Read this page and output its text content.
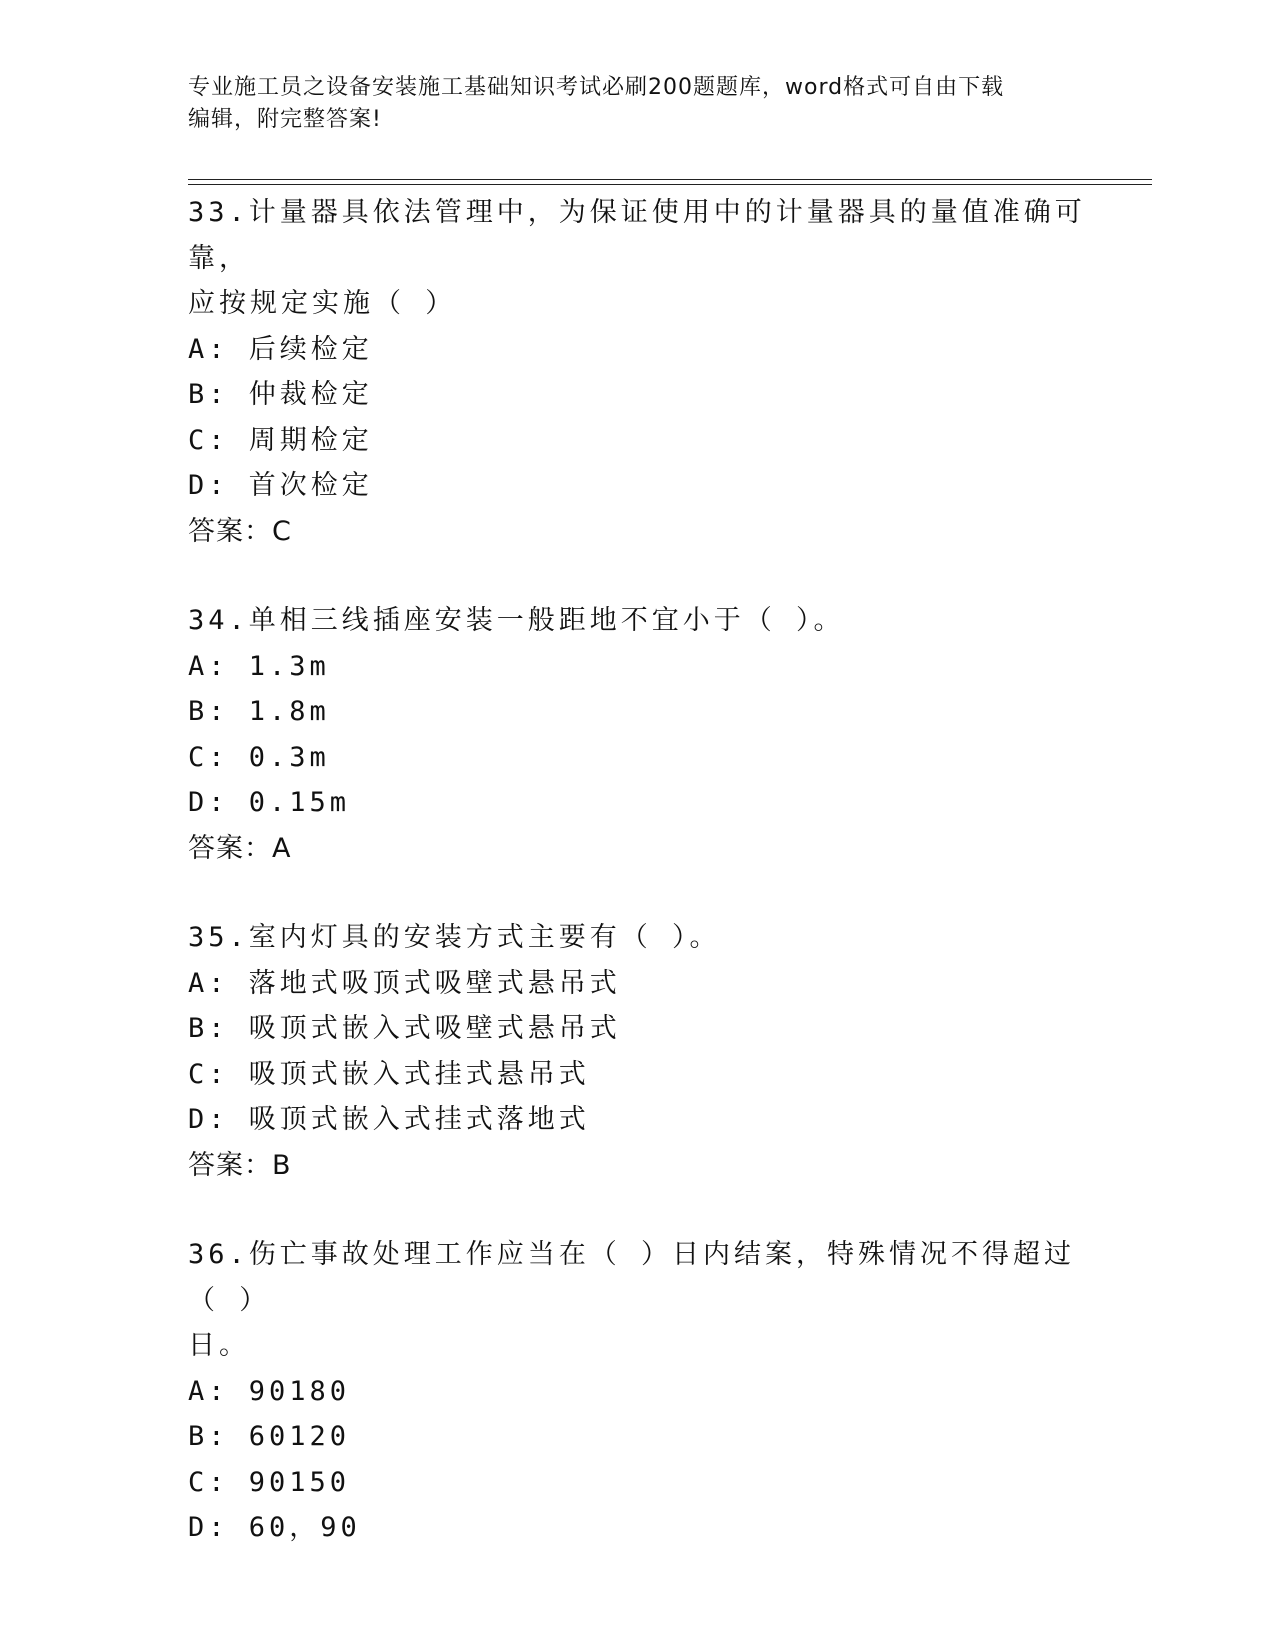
专业施工员之设备安装施工基础知识考试必刷200题题库，word格式可自由下载
编辑，附完整答案!

33.计量器具依法管理中，为保证使用中的计量器具的量值准确可靠，

应按规定实施（ ）

A: 后续检定

B: 仲裁检定

C: 周期检定

D: 首次检定

答案：C

34.单相三线插座安装一般距地不宜小于（ ）。

A: 1.3m

B: 1.8m

C: 0.3m

D: 0.15m

答案：A

35.室内灯具的安装方式主要有（ ）。

A: 落地式吸顶式吸壁式悬吊式

B: 吸顶式嵌入式吸壁式悬吊式

C: 吸顶式嵌入式挂式悬吊式

D: 吸顶式嵌入式挂式落地式

答案：B

36.伤亡事故处理工作应当在（ ）日内结案，特殊情况不得超过（ ）

日。

A: 90180

B: 60120

C: 90150

D: 60，90
